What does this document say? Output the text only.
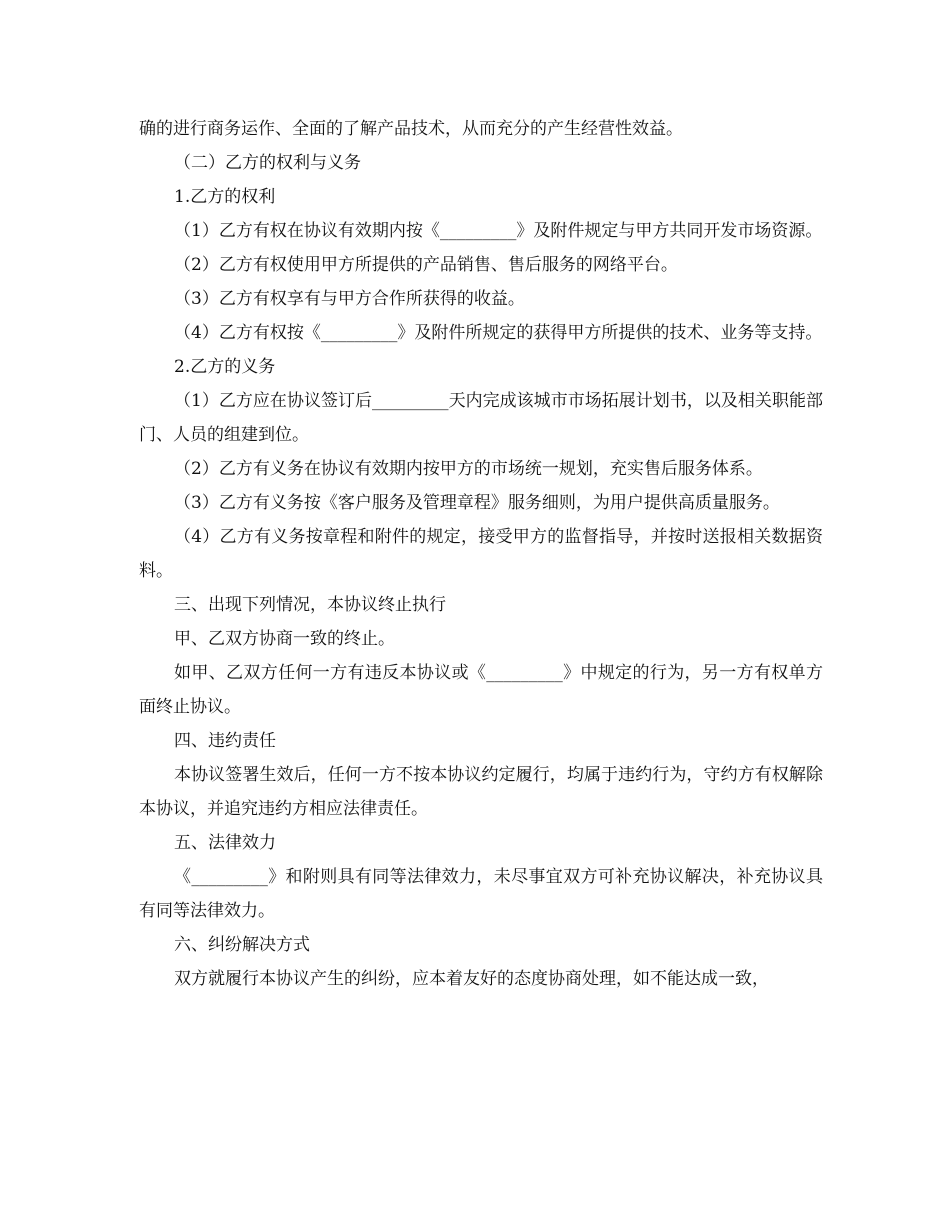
确的进行商务运作、全面的了解产品技术，从而充分的产生经营性效益。

（二）乙方的权利与义务

1.乙方的权利

（1）乙方有权在协议有效期内按《_________》及附件规定与甲方共同开发市场资源。

（2）乙方有权使用甲方所提供的产品销售、售后服务的网络平台。

（3）乙方有权享有与甲方合作所获得的收益。

（4）乙方有权按《_________》及附件所规定的获得甲方所提供的技术、业务等支持。

2.乙方的义务

（1）乙方应在协议签订后_________天内完成该城市市场拓展计划书，以及相关职能部门、人员的组建到位。

（2）乙方有义务在协议有效期内按甲方的市场统一规划，充实售后服务体系。

（3）乙方有义务按《客户服务及管理章程》服务细则，为用户提供高质量服务。

（4）乙方有义务按章程和附件的规定，接受甲方的监督指导，并按时送报相关数据资料。

三、出现下列情况，本协议终止执行

甲、乙双方协商一致的终止。

如甲、乙双方任何一方有违反本协议或《_________》中规定的行为，另一方有权单方面终止协议。

四、违约责任

本协议签署生效后，任何一方不按本协议约定履行，均属于违约行为，守约方有权解除本协议，并追究违约方相应法律责任。

五、法律效力

《_________》和附则具有同等法律效力，未尽事宜双方可补充协议解决，补充协议具有同等法律效力。

六、纠纷解决方式

双方就履行本协议产生的纠纷，应本着友好的态度协商处理，如不能达成一致，
